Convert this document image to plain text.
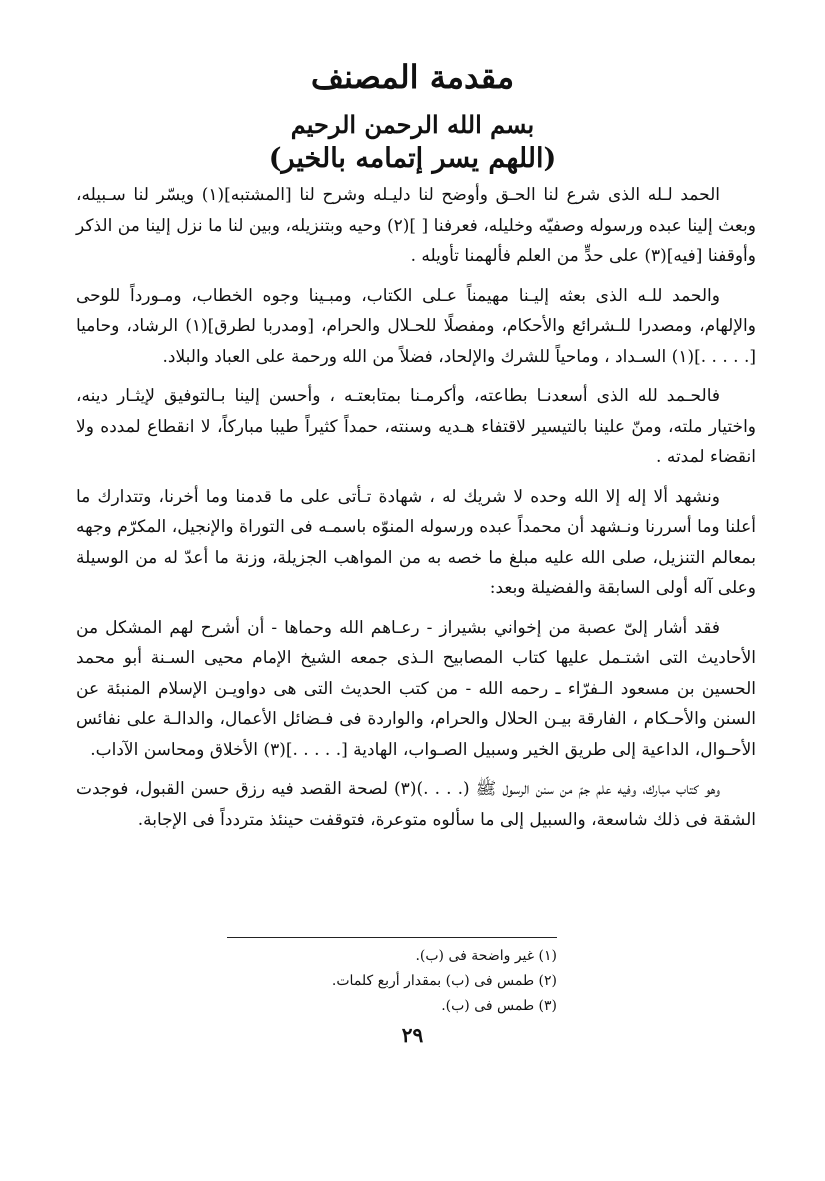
مقدمة المصنف
بسم الله الرحمن الرحيم
(اللهم يسر إتمامه بالخير)

الحمد لـله الذى شرع لنا الحـق وأوضح لنا دليـله وشرح لنا [المشتبه](١) ويسّر لنا سـبيله، وبعث إلينا عبده ورسوله وصفيّه وخليله، فعرفنا [ ](٢) وحيه وبتنزيله، وبين لنا ما نزل إلينا من الذكر وأوقفنا [فيه](٣) على حدٍّ من العلم فألهمنا تأويله .

والحمد للـه الذى بعثه إليـنا مهيمناً عـلى الكتاب، ومبـينا وجوه الخطاب، ومـورداً للوحى والإلهام، ومصدرا للـشرائع والأحكام، ومفصلًا للحـلال والحرام، [ومدربا لطرق](١) الرشاد، وحاميا [. . . . .](١) السـداد ، وماحياً للشرك والإلحاد، فضلاً من الله ورحمة على العباد والبلاد.

فالحـمد لله الذى أسعدنـا بطاعته، وأكرمـنا بمتابعتـه ، وأحسن إلينا بـالتوفيق لإيثـار دينه، واختيار ملته، ومنّ علينا بالتيسير لاقتفاء هـديه وسنته، حمداً كثيراً طيبا مباركاً، لا انقطاع لمدده ولا انقضاء لمدته .

ونشهد ألا إله إلا الله وحده لا شريك له ، شهادة تـأتى على ما قدمنا وما أخرنا، وتتدارك ما أعلنا وما أسررنا ونـشهد أن محمداً عبده ورسوله المنوّه باسمـه فى التوراة والإنجيل، المكرّم وجهه بمعالم التنزيل، صلى الله عليه مبلغ ما خصه به من المواهب الجزيلة، وزنة ما أعدّ له من الوسيلة وعلى آله أولى السابقة والفضيلة وبعد:

فقد أشار إلىّ عصبة من إخواني بشيراز - رعـاهم الله وحماها - أن أشرح لهم المشكل من الأحاديث التى اشتـمل عليها كتاب المصابيح الـذى جمعه الشيخ الإمام محيى السـنة أبو محمد الحسين بن مسعود الـفرّاء ـ رحمه الله - من كتب الحديث التى هى دواويـن الإسلام المنبئة عن السنن والأحـكام ، الفارقة بيـن الحلال والحرام، والواردة فى فـضائل الأعمال، والدالـة على نفائس الأحـوال، الداعية إلى طريق الخير وسبيل الصـواب، الهادية [. . . . .](٣) الأخلاق ومحاسن الآداب.

وهو كتاب مبارك، وفيه علم جمّ من سنن الرسول ﷺ (. . . .)(٣) لصحة القصد فيه رزق حسن القبول، فوجدت الشقة فى ذلك شاسعة، والسبيل إلى ما سألوه متوعرة، فتوقفت حينئذ متردداً فى الإجابة.

(١) غير واضحة فى (ب).
(٢) طمس فى (ب) بمقدار أربع كلمات.
(٣) طمس فى (ب).
٢٩
